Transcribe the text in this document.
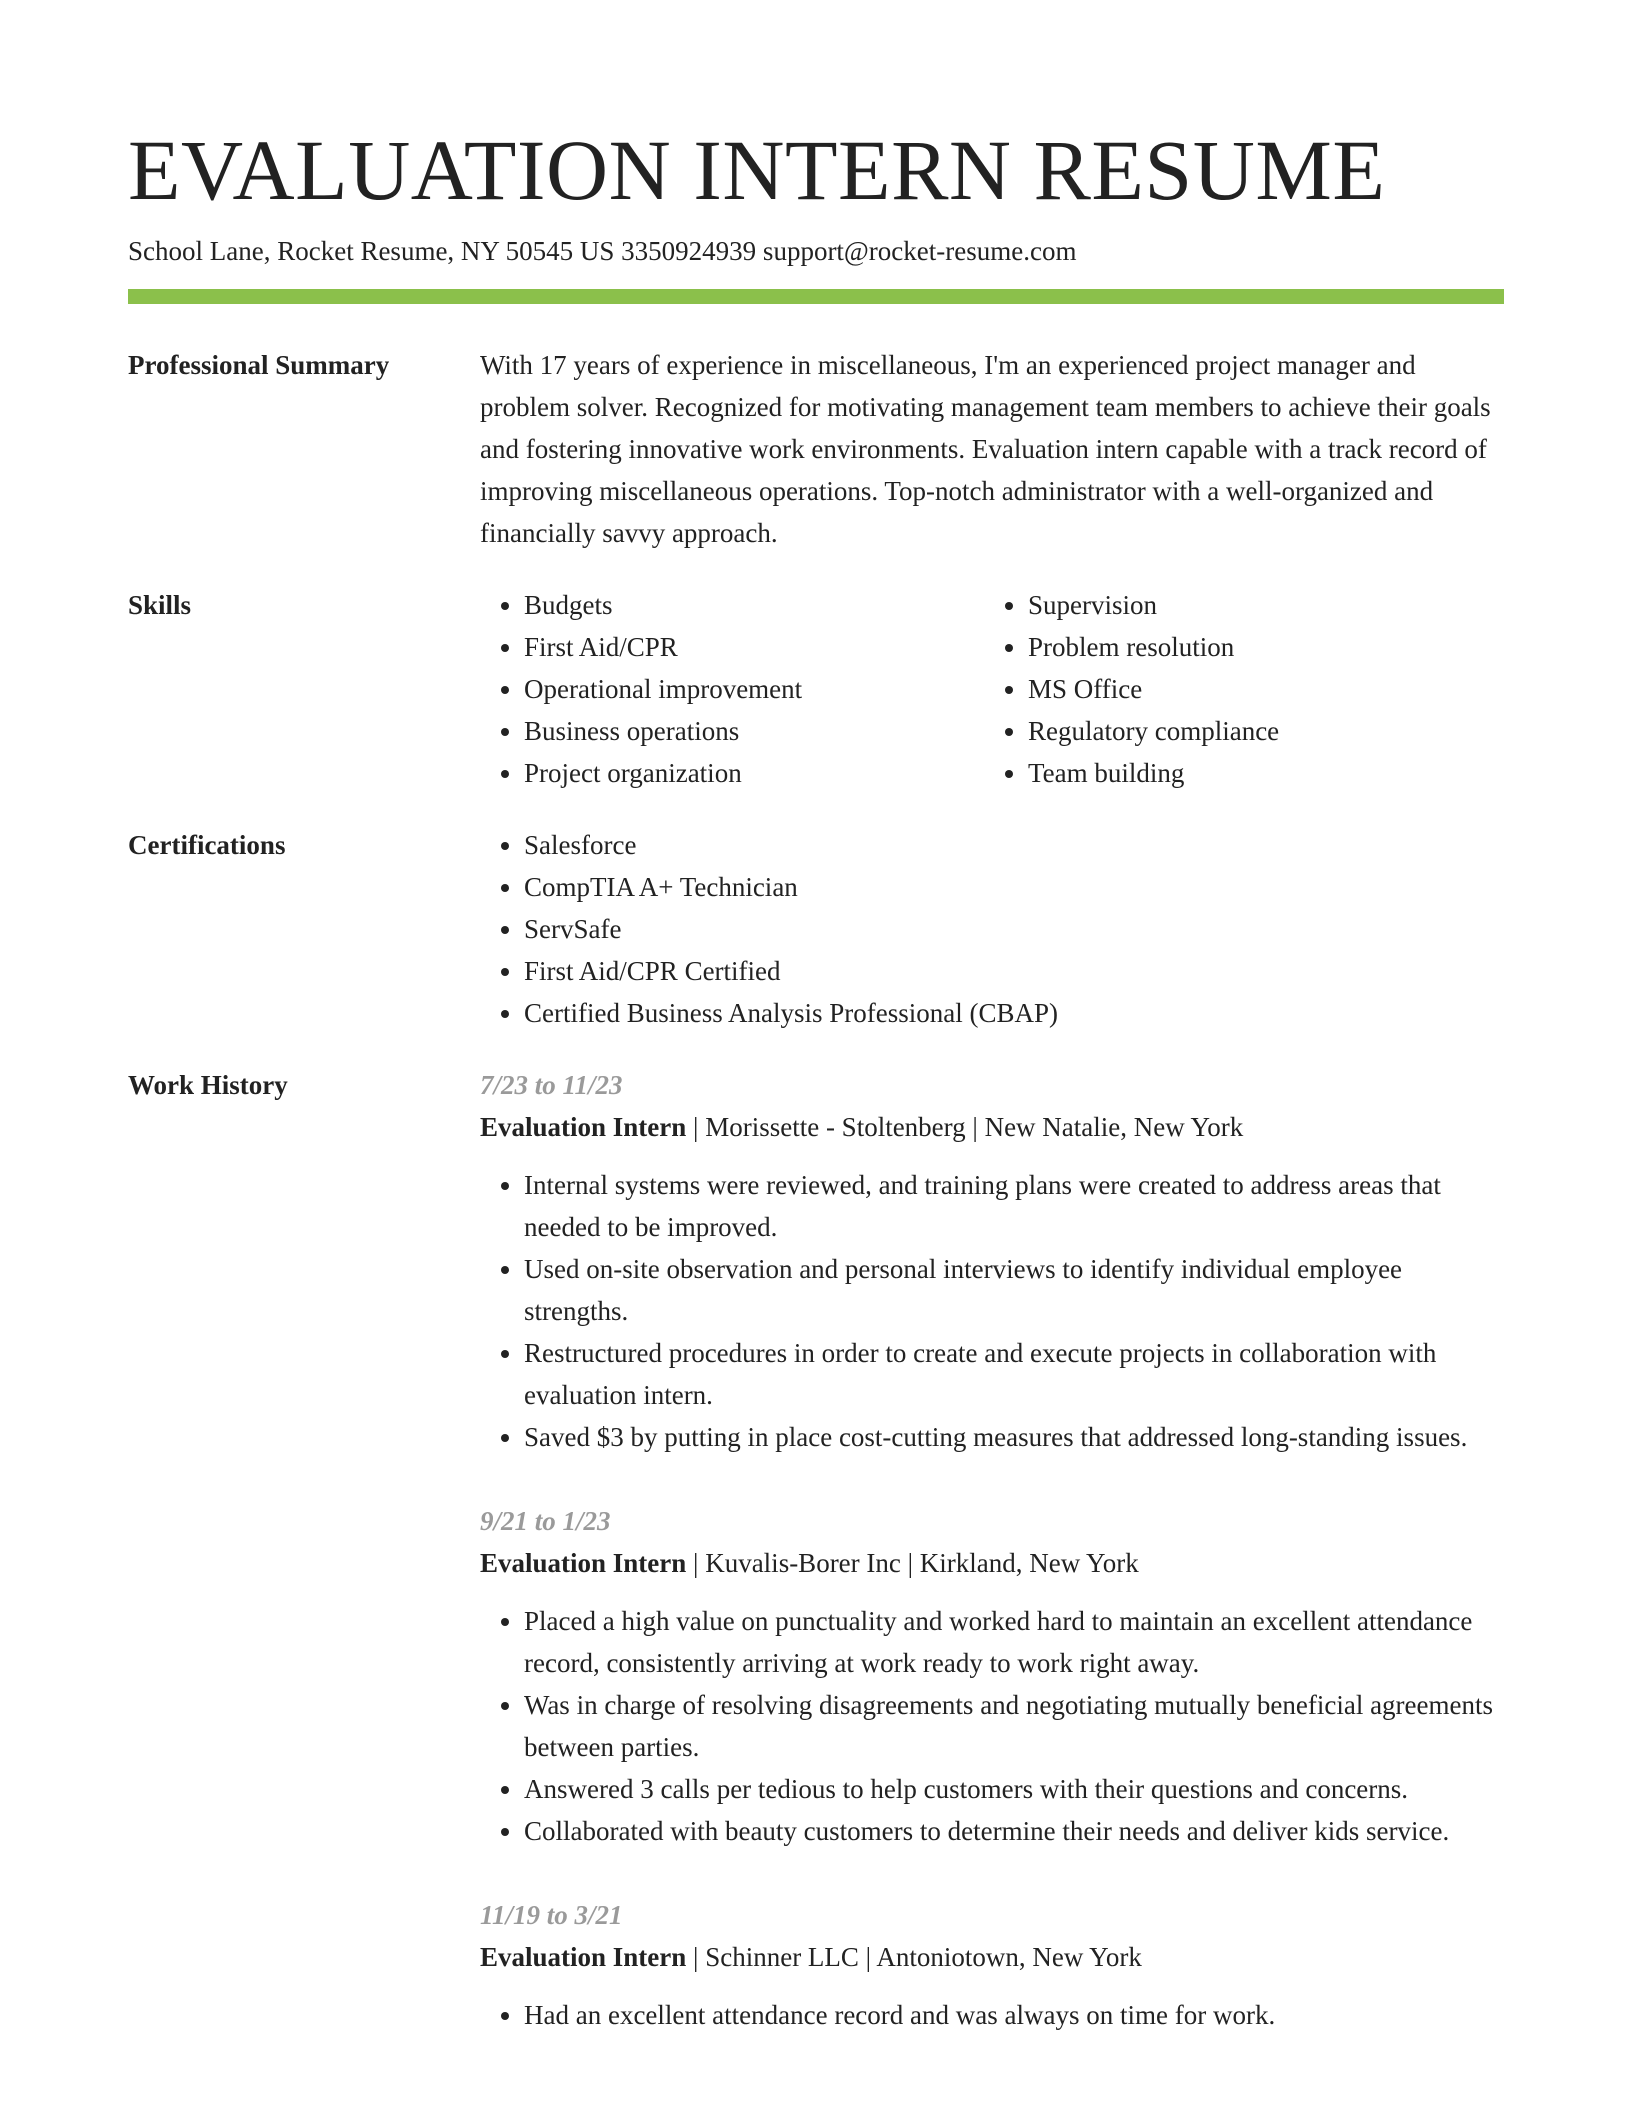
EVALUATION INTERN RESUME
School Lane, Rocket Resume, NY 50545 US 3350924939 support@rocket-resume.com
Professional Summary	With 17 years of experience in miscellaneous, I'm an experienced project manager and problem solver. Recognized for motivating management team members to achieve their goals and fostering innovative work environments. Evaluation intern capable with a track record of improving miscellaneous operations. Top-notch administrator with a well-organized and financially savvy approach.

Skills	• Budgets
• First Aid/CPR
• Operational improvement
• Business operations
• Project organization
• Supervision
• Problem resolution
• MS Office
• Regulatory compliance
• Team building
Certifications	• Salesforce
• CompTIA A+ Technician
• ServSafe
• First Aid/CPR Certified
• Certified Business Analysis Professional (CBAP)
Work History	7/23 to 11/23
Evaluation Intern | Morissette - Stoltenberg | New Natalie, New York
• Internal systems were reviewed, and training plans were created to address areas that needed to be improved.
• Used on-site observation and personal interviews to identify individual employee strengths.
• Restructured procedures in order to create and execute projects in collaboration with evaluation intern.
• Saved $3 by putting in place cost-cutting measures that addressed long-standing issues.
9/21 to 1/23
Evaluation Intern | Kuvalis-Borer Inc | Kirkland, New York
• Placed a high value on punctuality and worked hard to maintain an excellent attendance record, consistently arriving at work ready to work right away.
• Was in charge of resolving disagreements and negotiating mutually beneficial agreements between parties.
• Answered 3 calls per tedious to help customers with their questions and concerns.
• Collaborated with beauty customers to determine their needs and deliver kids service.
11/19 to 3/21
Evaluation Intern | Schinner LLC | Antoniotown, New York
• Had an excellent attendance record and was always on time for work.
